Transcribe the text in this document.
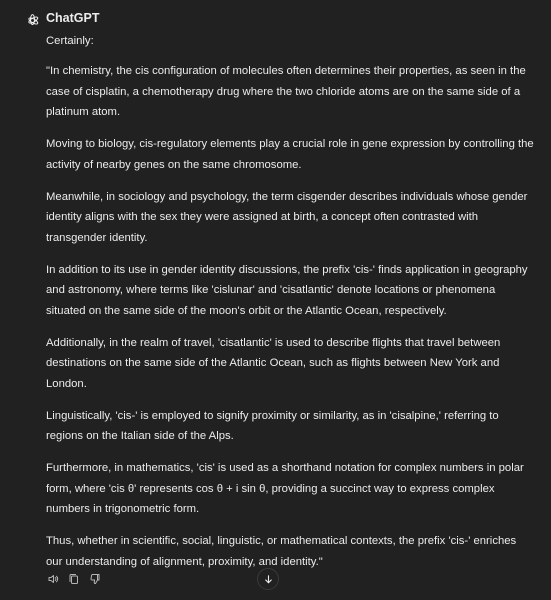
ChatGPT

Certainly:

"In chemistry, the cis configuration of molecules often determines their properties, as seen in the case of cisplatin, a chemotherapy drug where the two chloride atoms are on the same side of a platinum atom.

Moving to biology, cis-regulatory elements play a crucial role in gene expression by controlling the activity of nearby genes on the same chromosome.

Meanwhile, in sociology and psychology, the term cisgender describes individuals whose gender identity aligns with the sex they were assigned at birth, a concept often contrasted with transgender identity.

In addition to its use in gender identity discussions, the prefix 'cis-' finds application in geography and astronomy, where terms like 'cislunar' and 'cisatlantic' denote locations or phenomena situated on the same side of the moon's orbit or the Atlantic Ocean, respectively.

Additionally, in the realm of travel, 'cisatlantic' is used to describe flights that travel between destinations on the same side of the Atlantic Ocean, such as flights between New York and London.

Linguistically, 'cis-' is employed to signify proximity or similarity, as in 'cisalpine,' referring to regions on the Italian side of the Alps.

Furthermore, in mathematics, 'cis' is used as a shorthand notation for complex numbers in polar form, where 'cis θ' represents cos θ + i sin θ, providing a succinct way to express complex numbers in trigonometric form.

Thus, whether in scientific, social, linguistic, or mathematical contexts, the prefix 'cis-' enriches our understanding of alignment, proximity, and identity."
